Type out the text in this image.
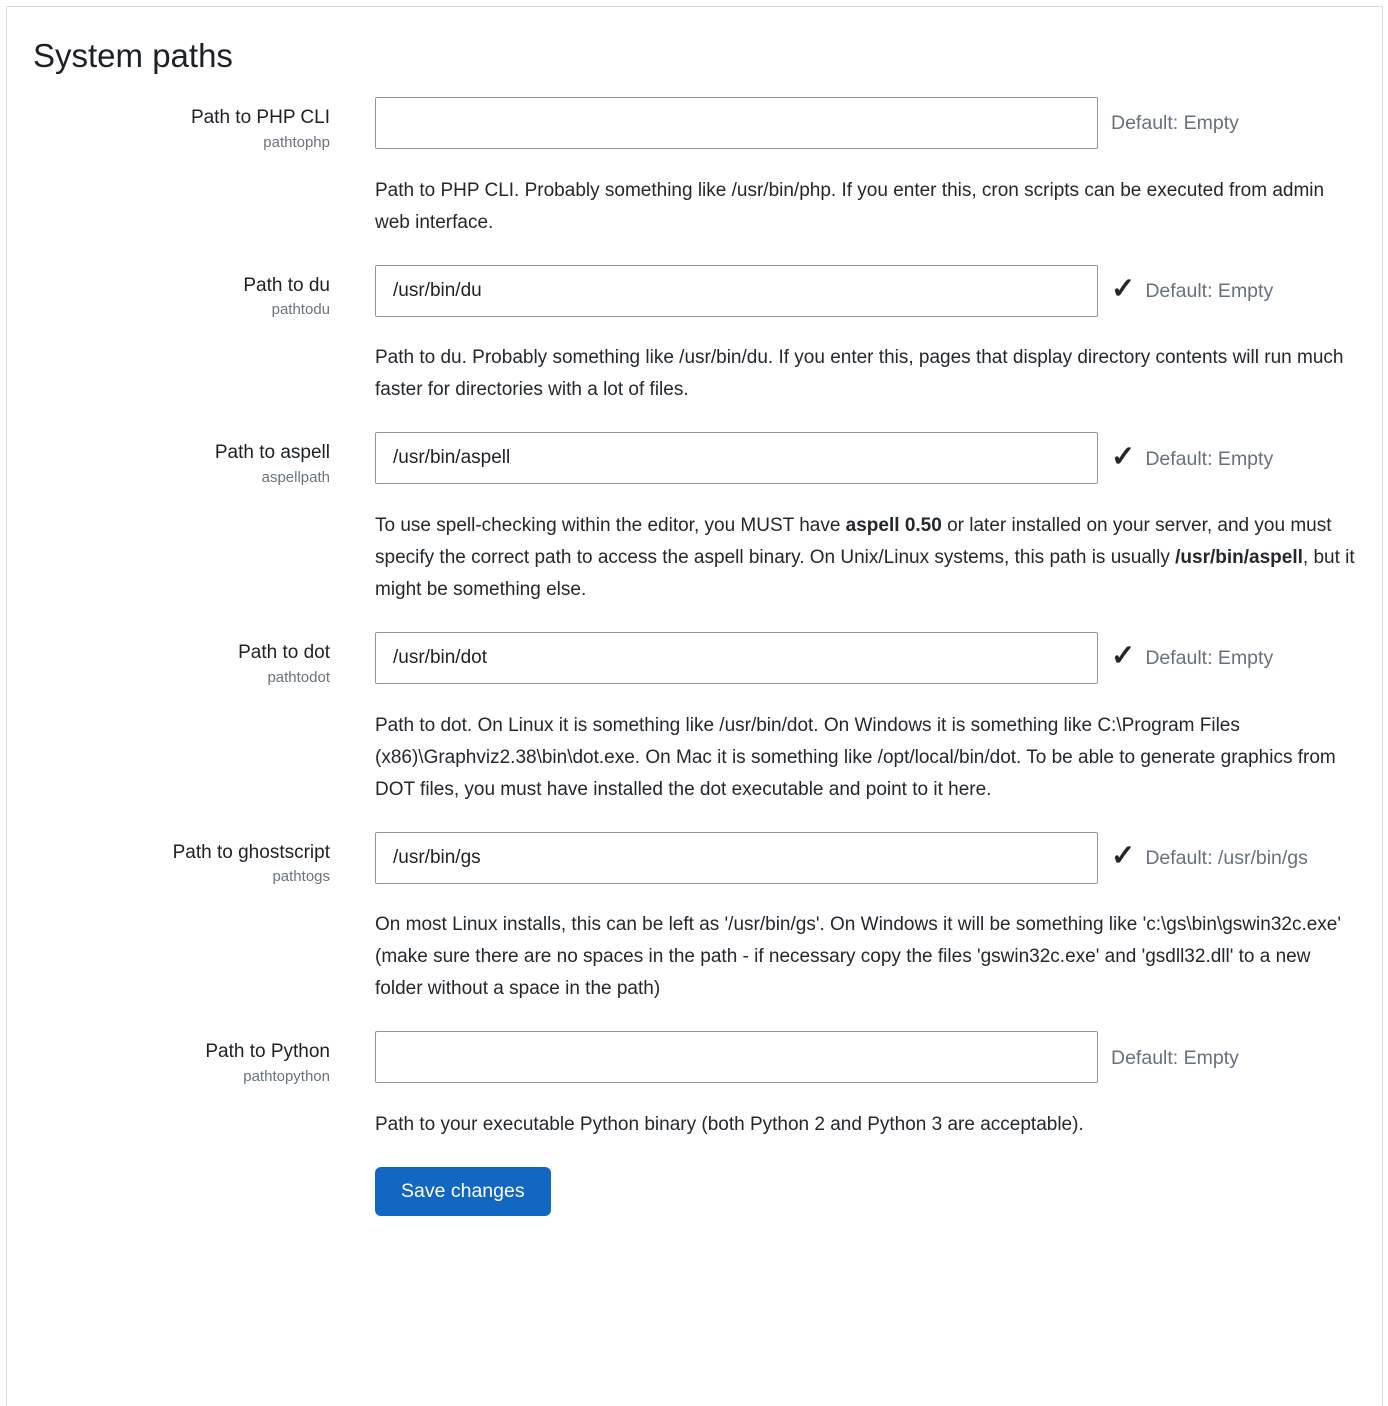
System paths
Path to PHP CLI
pathtophp
Default: Empty
Path to PHP CLI. Probably something like /usr/bin/php. If you enter this, cron scripts can be executed from admin web interface.
Path to du
pathtodu
/usr/bin/du
✓ Default: Empty
Path to du. Probably something like /usr/bin/du. If you enter this, pages that display directory contents will run much faster for directories with a lot of files.
Path to aspell
aspellpath
/usr/bin/aspell
✓ Default: Empty
To use spell-checking within the editor, you MUST have aspell 0.50 or later installed on your server, and you must specify the correct path to access the aspell binary. On Unix/Linux systems, this path is usually /usr/bin/aspell, but it might be something else.
Path to dot
pathtodot
/usr/bin/dot
✓ Default: Empty
Path to dot. On Linux it is something like /usr/bin/dot. On Windows it is something like C:\Program Files (x86)\Graphviz2.38\bin\dot.exe. On Mac it is something like /opt/local/bin/dot. To be able to generate graphics from DOT files, you must have installed the dot executable and point to it here.
Path to ghostscript
pathtogs
/usr/bin/gs
✓ Default: /usr/bin/gs
On most Linux installs, this can be left as '/usr/bin/gs'. On Windows it will be something like 'c:\gs\bin\gswin32c.exe' (make sure there are no spaces in the path - if necessary copy the files 'gswin32c.exe' and 'gsdll32.dll' to a new folder without a space in the path)
Path to Python
pathtopython
Default: Empty
Path to your executable Python binary (both Python 2 and Python 3 are acceptable).
Save changes
